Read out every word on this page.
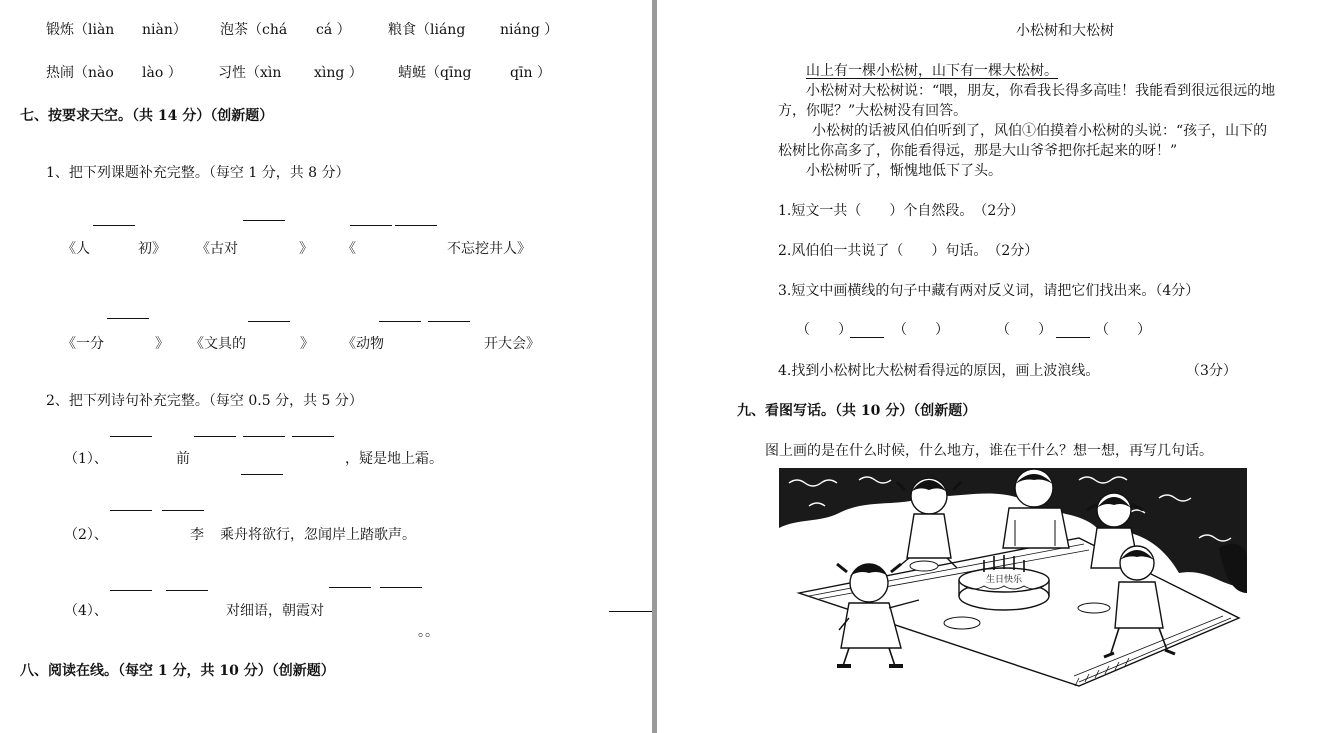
锻炼 （liàn niàn） 泡茶 （chá cá ）	粮食 （liáng niáng ）
热闹 （nào lào ）	习性 （xìn xìng ）	蜻蜓 （qīng	qīn ）
七、按要求天空。（共 14 分）（创新题）
1、把下列课题补充完整。（每空 1 分，共 8 分）
《人	初》 《古对	》 《	不忘挖井人》
《一分	》 《文具的	》 《动物	开大会》
2、把下列诗句补充完整。（每空 0.5 分，共 5 分）
（1）、	前	，疑是地上霜。
（2）、	李 乘舟将欲行，忽闻岸上踏歌声。
（4）、	对细语，朝霞对
。。
八、阅读在线。（每空 1 分，共 10 分）（创新题）
小松树和大松树
山上有一棵小松树，山下有一棵大松树。
小松树对大松树说：“喂，朋友，你看我长得多高哇！我能看到很远很远的地
方，你呢？”大松树没有回答。
小松树的话被风伯伯听到了，风伯①伯摸着小松树的头说：“孩子，山下的
松树比你高多了，你能看得远，那是大山爷爷把你托起来的呀！”
小松树听了，惭愧地低下了头。
1.短文一共（　　）个自然段。　（2分）
2.风伯伯一共说了（　　）句话。　（2分）
3.短文中画横线的句子中藏有两对反义词，请把它们找出来。（4分）
（　　）	（　　）	（　　）	（　　）
4.找到小松树比大松树看得远的原因，画上波浪线。	（3分）
九、看图写话。（共 10 分）（创新题）
图上画的是在什么时候，什么地方，谁在干什么？想一想，再写几句话。
生日快乐
